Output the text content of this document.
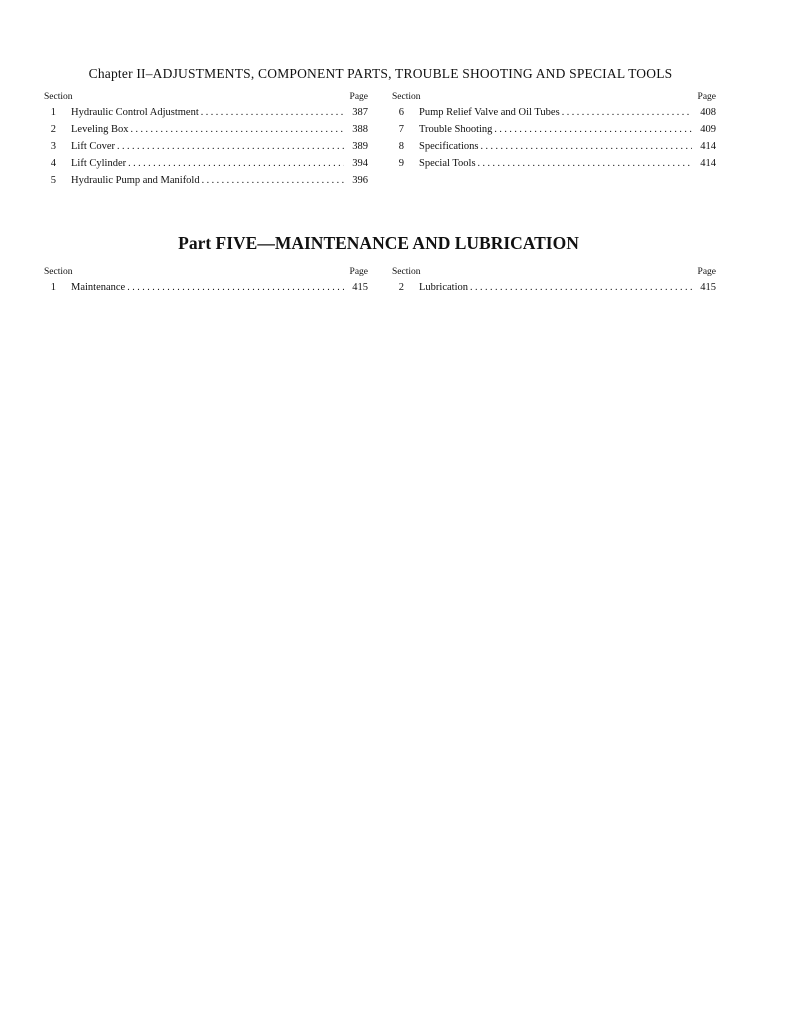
Chapter II–ADJUSTMENTS, COMPONENT PARTS, TROUBLE SHOOTING AND SPECIAL TOOLS
Section	Page
1 Hydraulic Control Adjustment . . .	387
2 Leveling Box . . .	388
3 Lift Cover . . .	389
4 Lift Cylinder . . .	394
5 Hydraulic Pump and Manifold . . .	396
Section	Page
6 Pump Relief Valve and Oil Tubes . . .	408
7 Trouble Shooting . . .	409
8 Specifications . . .	414
9 Special Tools . . .	414
Part FIVE—MAINTENANCE AND LUBRICATION
Section	Page
1 Maintenance . . .	415
Section	Page
2 Lubrication . . .	415
